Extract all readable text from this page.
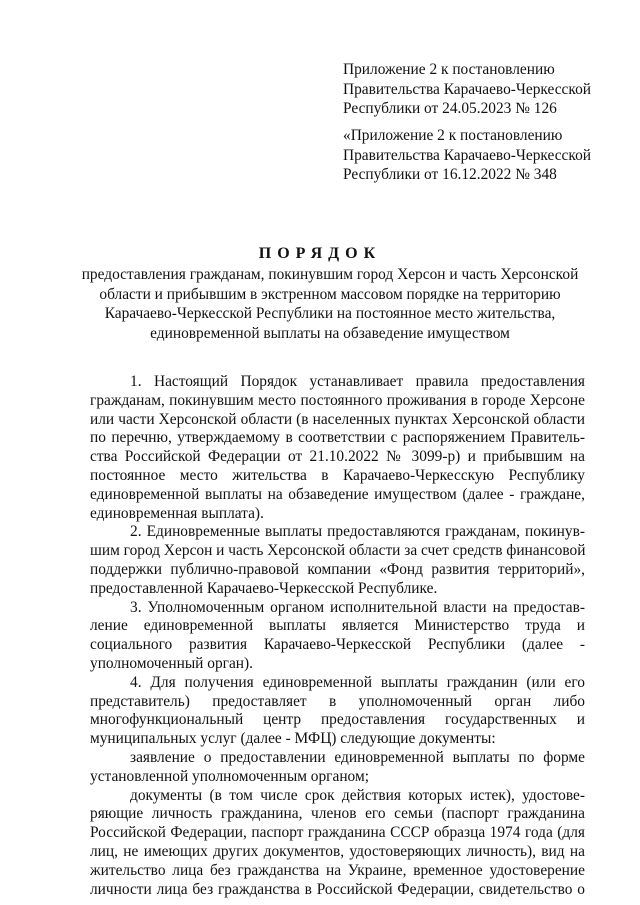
Приложение 2 к постановлению
Правительства Карачаево-Черкесской
Республики от 24.05.2023 № 126
«Приложение 2 к постановлению
Правительства Карачаево-Черкесской
Республики от 16.12.2022 № 348
ПОРЯДОК
предоставления гражданам, покинувшим город Херсон и часть Херсонской
области и прибывшим в экстренном массовом порядке на территорию
Карачаево-Черкесской Республики на постоянное место жительства,
единовременной выплаты на обзаведение имуществом
1. Настоящий Порядок устанавливает правила предоставления
гражданам, покинувшим место постоянного проживания в городе Херсоне
или части Херсонской области (в населенных пунктах Херсонской области
по перечню, утверждаемому в соответствии с распоряжением Правитель-
ства Российской Федерации от 21.10.2022 № 3099-р) и прибывшим на
постоянное место жительства в Карачаево-Черкесскую Республику
единовременной выплаты на обзаведение имуществом (далее - граждане,
единовременная выплата).
2. Единовременные выплаты предоставляются гражданам, покинув-
шим город Херсон и часть Херсонской области за счет средств финансовой
поддержки публично-правовой компании «Фонд развития территорий»,
предоставленной Карачаево-Черкесской Республике.
3. Уполномоченным органом исполнительной власти на предостав-
ление единовременной выплаты является Министерство труда и
социального развития Карачаево-Черкесской Республики (далее -
уполномоченный орган).
4. Для получения единовременной выплаты гражданин (или его
представитель) предоставляет в уполномоченный орган либо
многофункциональный центр предоставления государственных и
муниципальных услуг (далее - МФЦ) следующие документы:
заявление о предоставлении единовременной выплаты по форме
установленной уполномоченным органом;
документы (в том числе срок действия которых истек), удостове-
ряющие личность гражданина, членов его семьи (паспорт гражданина
Российской Федерации, паспорт гражданина СССР образца 1974 года (для
лиц, не имеющих других документов, удостоверяющих личность), вид на
жительство лица без гражданства на Украине, временное удостоверение
личности лица без гражданства в Российской Федерации, свидетельство о
